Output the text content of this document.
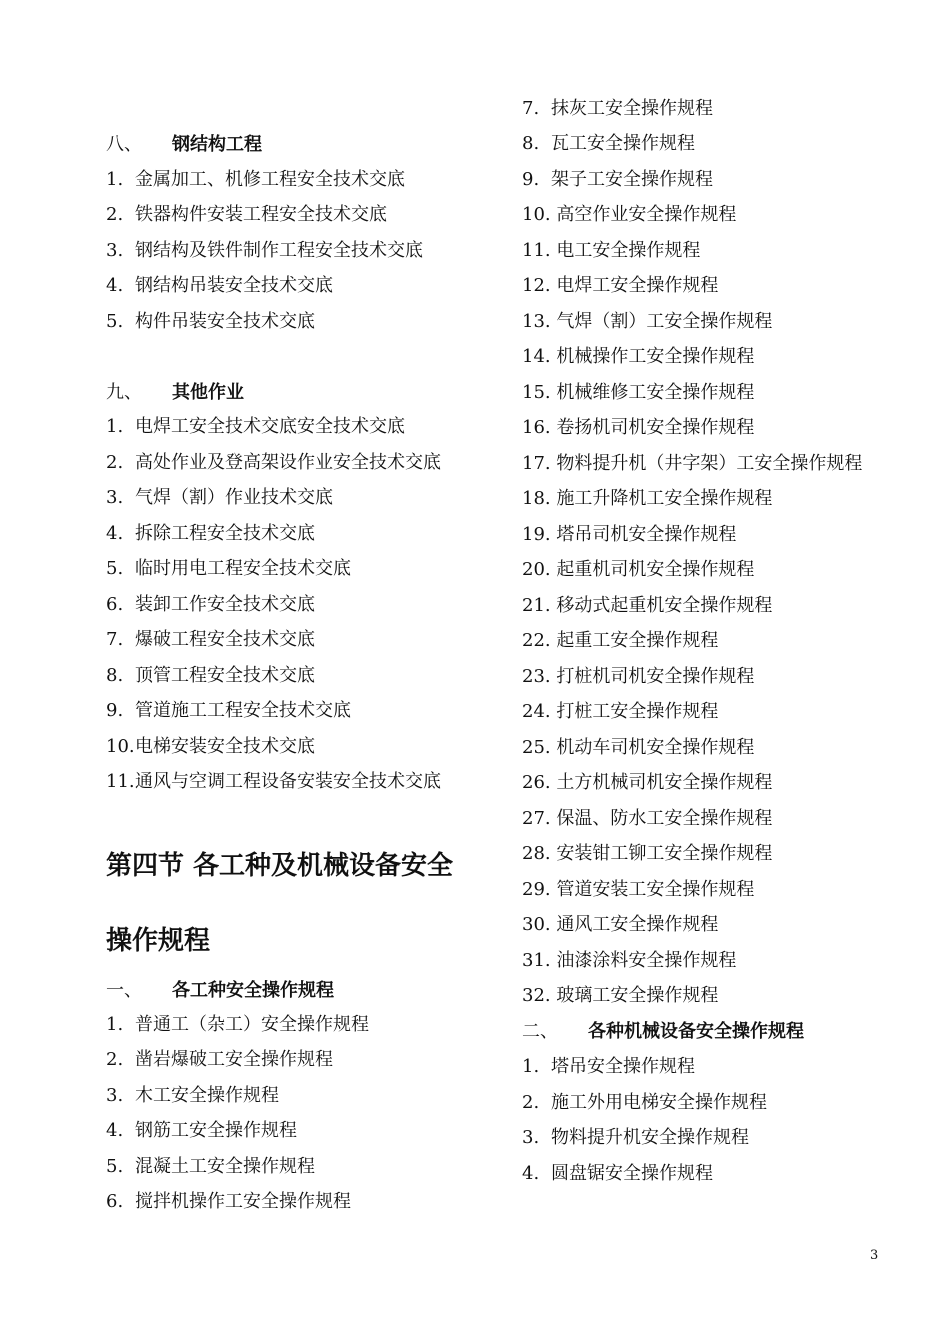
八、 钢结构工程
1. 金属加工、机修工程安全技术交底
2. 铁器构件安装工程安全技术交底
3. 钢结构及铁件制作工程安全技术交底
4. 钢结构吊装安全技术交底
5. 构件吊装安全技术交底
九、 其他作业
1. 电焊工安全技术交底安全技术交底
2. 高处作业及登高架设作业安全技术交底
3. 气焊（割）作业技术交底
4. 拆除工程安全技术交底
5. 临时用电工程安全技术交底
6. 装卸工作安全技术交底
7. 爆破工程安全技术交底
8. 顶管工程安全技术交底
9. 管道施工工程安全技术交底
10.电梯安装安全技术交底
11.通风与空调工程设备安装安全技术交底
第四节 各工种及机械设备安全
操作规程
一、 各工种安全操作规程
1. 普通工（杂工）安全操作规程
2. 凿岩爆破工安全操作规程
3. 木工安全操作规程
4. 钢筋工安全操作规程
5. 混凝土工安全操作规程
6. 搅拌机操作工安全操作规程
7. 抹灰工安全操作规程
8. 瓦工安全操作规程
9. 架子工安全操作规程
10. 高空作业安全操作规程
11. 电工安全操作规程
12. 电焊工安全操作规程
13. 气焊（割）工安全操作规程
14. 机械操作工安全操作规程
15. 机械维修工安全操作规程
16. 卷扬机司机安全操作规程
17. 物料提升机（井字架）工安全操作规程
18. 施工升降机工安全操作规程
19. 塔吊司机安全操作规程
20. 起重机司机安全操作规程
21. 移动式起重机安全操作规程
22. 起重工安全操作规程
23. 打桩机司机安全操作规程
24. 打桩工安全操作规程
25. 机动车司机安全操作规程
26. 土方机械司机安全操作规程
27. 保温、防水工安全操作规程
28. 安装钳工铆工安全操作规程
29. 管道安装工安全操作规程
30. 通风工安全操作规程
31. 油漆涂料安全操作规程
32. 玻璃工安全操作规程
二、 各种机械设备安全操作规程
1. 塔吊安全操作规程
2. 施工外用电梯安全操作规程
3. 物料提升机安全操作规程
4. 圆盘锯安全操作规程
3
